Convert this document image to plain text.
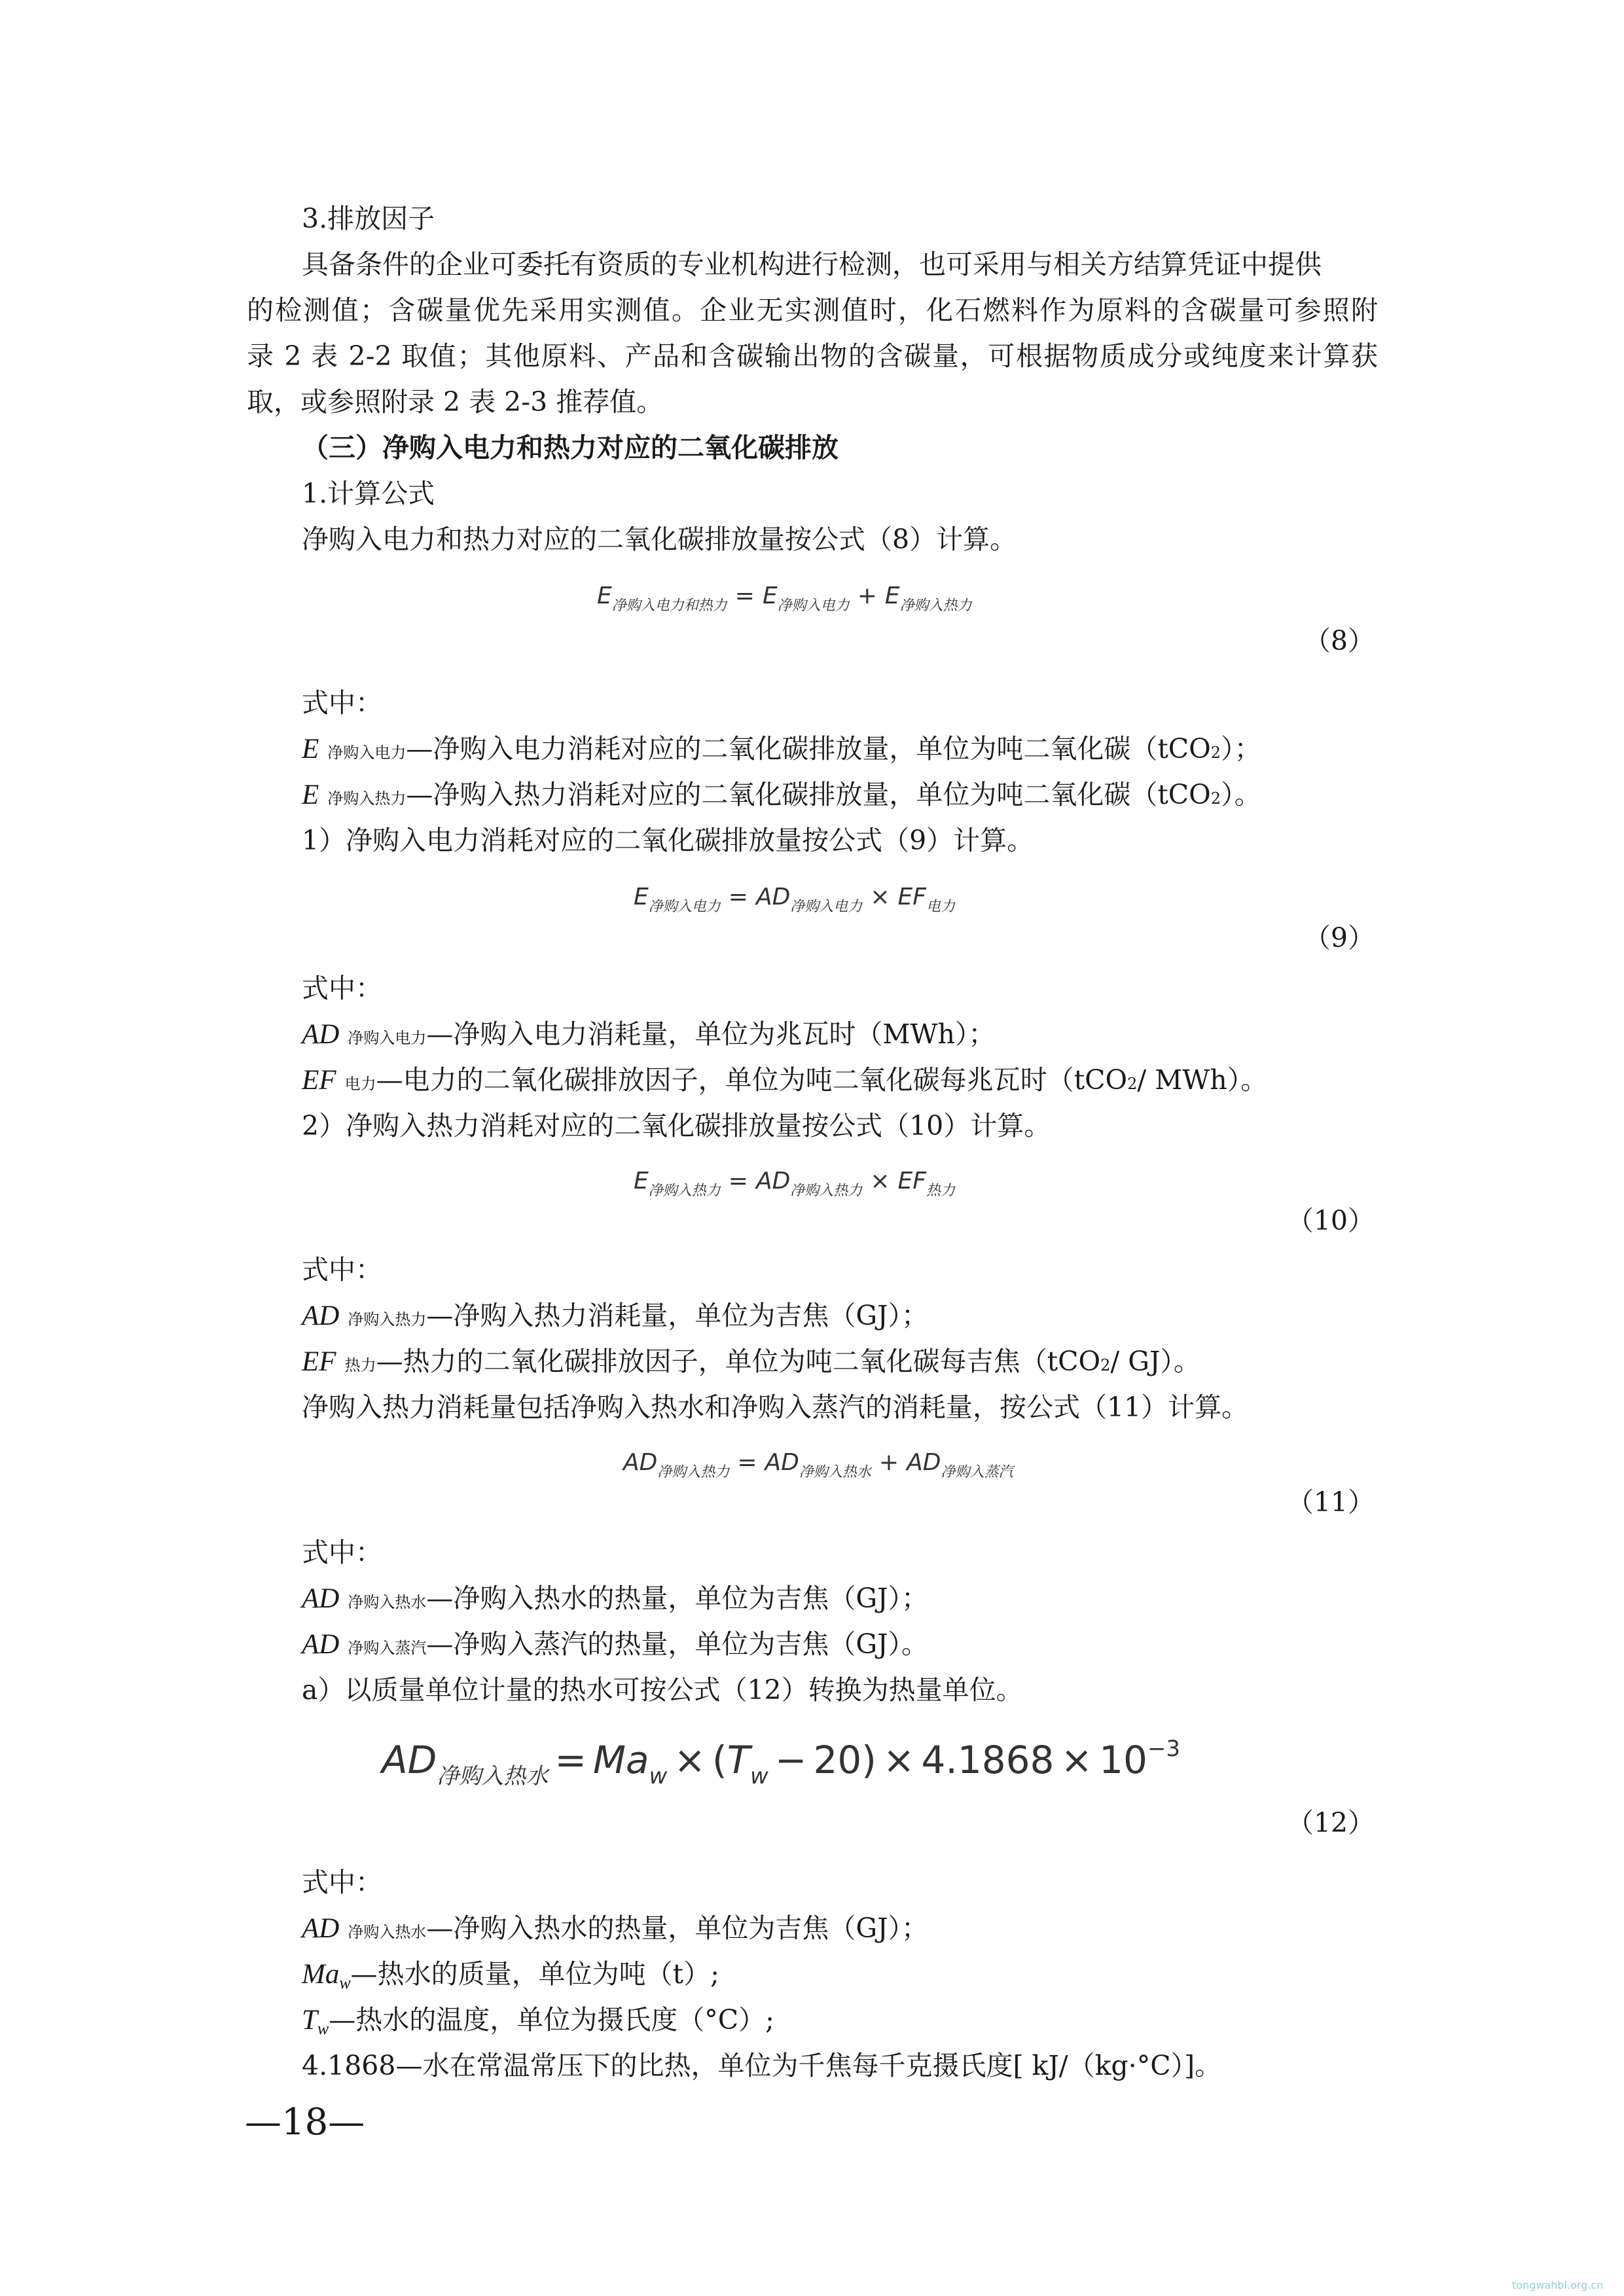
3.排放因子
具备条件的企业可委托有资质的专业机构进行检测，也可采用与相关方结算凭证中提供
的检测值；含碳量优先采用实测值。企业无实测值时，化石燃料作为原料的含碳量可参照附
录 2 表 2-2 取值；其他原料、产品和含碳输出物的含碳量，可根据物质成分或纯度来计算获
取，或参照附录 2 表 2-3 推荐值。
（三）净购入电力和热力对应的二氧化碳排放
1.计算公式
净购入电力和热力对应的二氧化碳排放量按公式（8）计算。
$E_{净购入电力和热力} = E_{净购入电力} + E_{净购入热力}$
（8）
式中：
E 净购入电力—净购入电力消耗对应的二氧化碳排放量，单位为吨二氧化碳（tCO2）；
E 净购入热力—净购入热力消耗对应的二氧化碳排放量，单位为吨二氧化碳（tCO2）。
1）净购入电力消耗对应的二氧化碳排放量按公式（9）计算。
$E_{净购入电力} = AD_{净购入电力} \times EF_{电力}$
（9）
式中：
AD 净购入电力—净购入电力消耗量，单位为兆瓦时（MWh）；
EF 电力—电力的二氧化碳排放因子，单位为吨二氧化碳每兆瓦时（tCO2/ MWh）。
2）净购入热力消耗对应的二氧化碳排放量按公式（10）计算。
$E_{净购入热力} = AD_{净购入热力} \times EF_{热力}$
（10）
式中：
AD 净购入热力—净购入热力消耗量，单位为吉焦（GJ）；
EF 热力—热力的二氧化碳排放因子，单位为吨二氧化碳每吉焦（tCO2/ GJ）。
净购入热力消耗量包括净购入热水和净购入蒸汽的消耗量，按公式（11）计算。
$AD_{净购入热力} = AD_{净购入热水} + AD_{净购入蒸汽}$
（11）
式中：
AD 净购入热水—净购入热水的热量，单位为吉焦（GJ）；
AD 净购入蒸汽—净购入蒸汽的热量，单位为吉焦（GJ）。
a）以质量单位计量的热水可按公式（12）转换为热量单位。
$AD_{净购入热水} = Ma_w \times (T_w - 20) \times 4.1868 \times 10^{-3}$
（12）
式中：
AD 净购入热水—净购入热水的热量，单位为吉焦（GJ）；
Maw—热水的质量，单位为吨（t）;
Tw—热水的温度，单位为摄氏度（°C）;
4.1868—水在常温常压下的比热，单位为千焦每千克摄氏度[ kJ/（kg·°C）]。
—18—
tongwahbl.org.cn
